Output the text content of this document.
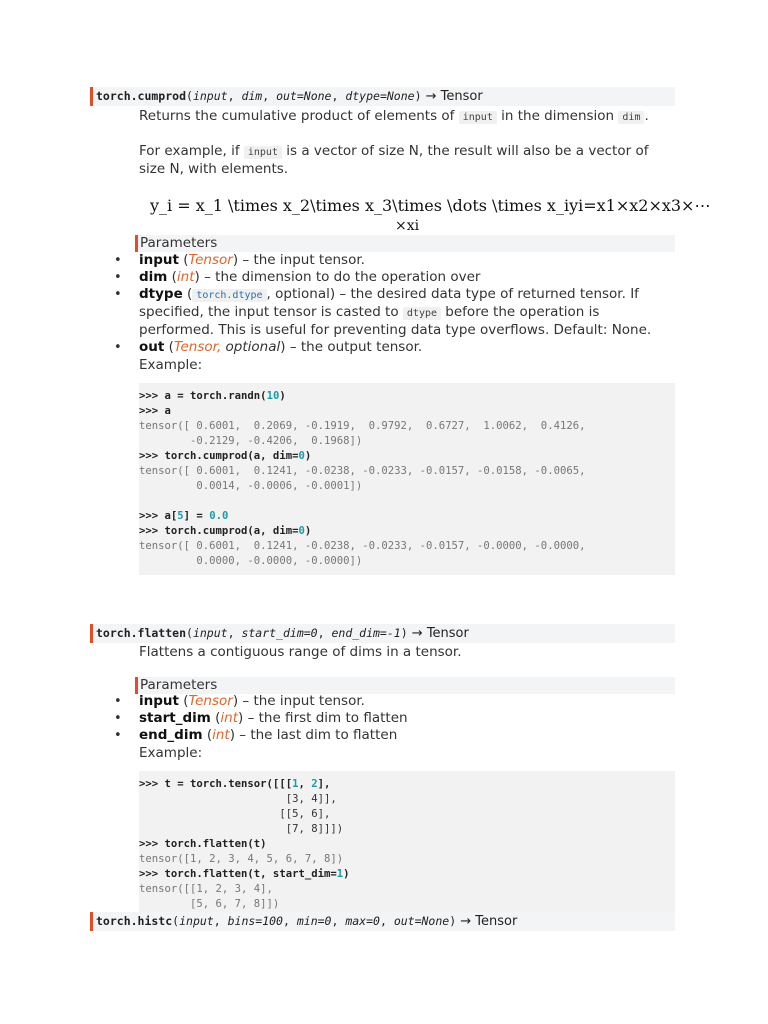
torch.cumprod(input, dim, out=None, dtype=None) → Tensor
Returns the cumulative product of elements of input in the dimension dim .
For example, if input is a vector of size N, the result will also be a vector of
size N, with elements.
y_i = x_1 \times x_2\times x_3\times \dots \times x_iyi=x1×x2×x3×⋯
×xi
Parameters
• input (Tensor) – the input tensor.
• dim (int) – the dimension to do the operation over
• dtype ( torch.dtype , optional) – the desired data type of returned tensor. If
specified, the input tensor is casted to dtype before the operation is
performed. This is useful for preventing data type overflows. Default: None.
• out (Tensor, optional) – the output tensor.
Example:
>>> a = torch.randn(10)
>>> a
tensor([ 0.6001,  0.2069, -0.1919,  0.9792,  0.6727,  1.0062,  0.4126,
-0.2129, -0.4206,  0.1968])
>>> torch.cumprod(a, dim=0)
tensor([ 0.6001,  0.1241, -0.0238, -0.0233, -0.0157, -0.0158, -0.0065,
0.0014, -0.0006, -0.0001])

>>> a[5] = 0.0
>>> torch.cumprod(a, dim=0)
tensor([ 0.6001,  0.1241, -0.0238, -0.0233, -0.0157, -0.0000, -0.0000,
0.0000, -0.0000, -0.0000])
torch.flatten(input, start_dim=0, end_dim=-1) → Tensor
Flattens a contiguous range of dims in a tensor.
Parameters
• input (Tensor) – the input tensor.
• start_dim (int) – the first dim to flatten
• end_dim (int) – the last dim to flatten
Example:
>>> t = torch.tensor([[[1, 2],
[3, 4]],
[[5, 6],
[7, 8]]])
>>> torch.flatten(t)
tensor([1, 2, 3, 4, 5, 6, 7, 8])
>>> torch.flatten(t, start_dim=1)
tensor([[1, 2, 3, 4],
[5, 6, 7, 8]])
torch.histc(input, bins=100, min=0, max=0, out=None) → Tensor
